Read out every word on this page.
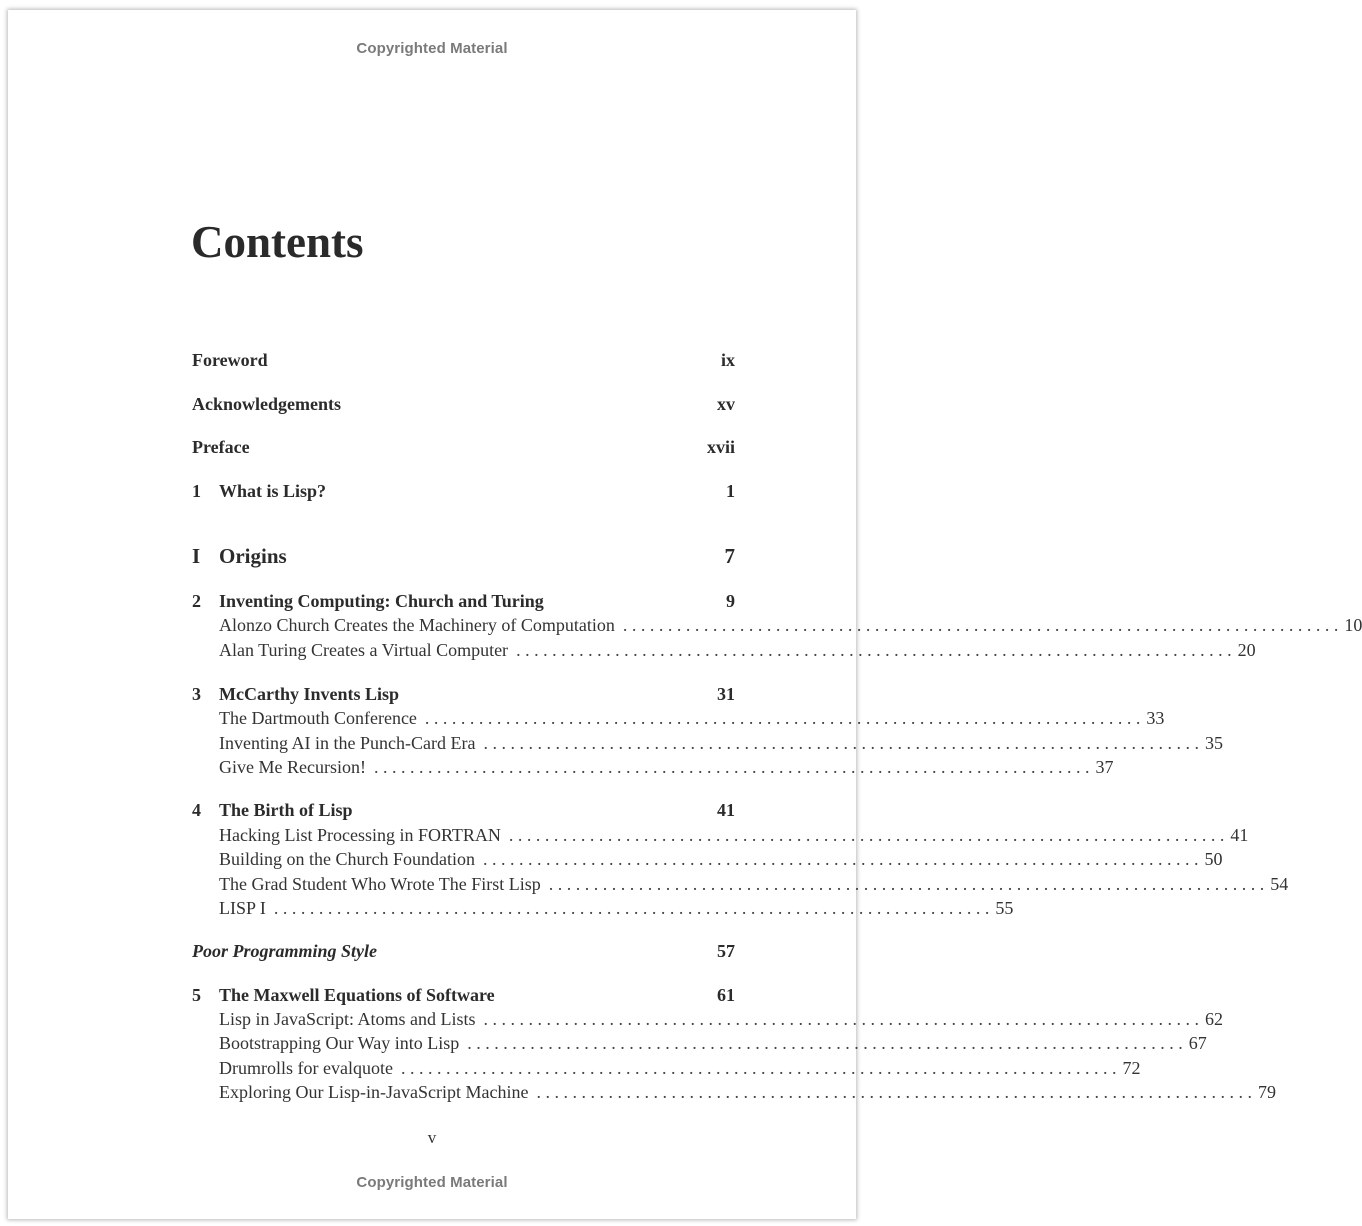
Copyrighted Material
Contents
Foreword	ix
Acknowledgements	xv
Preface	xvii
1	What is Lisp?	1
I Origins	7
2	Inventing Computing: Church and Turing	9
Alonzo Church Creates the Machinery of Computation . . . . . . . . . . . . . . . . . . . . . . . . . . . . . . . . . . . . . . . . . . . . . . . . . . . . . . . . . . . . . . . . . . . . . . . . . . . . . . . . 10
Alan Turing Creates a Virtual Computer . . . . . . . . . . . . . . . . . . . . . . . . . . . . . . . . . . . . . . . . . . . . . . . . . . . . . . . . . . . . . . . . . . . . . . . . . . . . . . . . 20
3	McCarthy Invents Lisp	31
The Dartmouth Conference . . . . . . . . . . . . . . . . . . . . . . . . . . . . . . . . . . . . . . . . . . . . . . . . . . . . . . . . . . . . . . . . . . . . . . . . . . . . . . . . 33
Inventing AI in the Punch-Card Era . . . . . . . . . . . . . . . . . . . . . . . . . . . . . . . . . . . . . . . . . . . . . . . . . . . . . . . . . . . . . . . . . . . . . . . . . . . . . . . . 35
Give Me Recursion! . . . . . . . . . . . . . . . . . . . . . . . . . . . . . . . . . . . . . . . . . . . . . . . . . . . . . . . . . . . . . . . . . . . . . . . . . . . . . . . . 37
4	The Birth of Lisp	41
Hacking List Processing in FORTRAN . . . . . . . . . . . . . . . . . . . . . . . . . . . . . . . . . . . . . . . . . . . . . . . . . . . . . . . . . . . . . . . . . . . . . . . . . . . . . . . . 41
Building on the Church Foundation . . . . . . . . . . . . . . . . . . . . . . . . . . . . . . . . . . . . . . . . . . . . . . . . . . . . . . . . . . . . . . . . . . . . . . . . . . . . . . . . 50
The Grad Student Who Wrote The First Lisp . . . . . . . . . . . . . . . . . . . . . . . . . . . . . . . . . . . . . . . . . . . . . . . . . . . . . . . . . . . . . . . . . . . . . . . . . . . . . . . . 54
LISP I . . . . . . . . . . . . . . . . . . . . . . . . . . . . . . . . . . . . . . . . . . . . . . . . . . . . . . . . . . . . . . . . . . . . . . . . . . . . . . . . 55
Poor Programming Style	57
5	The Maxwell Equations of Software	61
Lisp in JavaScript: Atoms and Lists . . . . . . . . . . . . . . . . . . . . . . . . . . . . . . . . . . . . . . . . . . . . . . . . . . . . . . . . . . . . . . . . . . . . . . . . . . . . . . . . 62
Bootstrapping Our Way into Lisp . . . . . . . . . . . . . . . . . . . . . . . . . . . . . . . . . . . . . . . . . . . . . . . . . . . . . . . . . . . . . . . . . . . . . . . . . . . . . . . . 67
Drumrolls for evalquote . . . . . . . . . . . . . . . . . . . . . . . . . . . . . . . . . . . . . . . . . . . . . . . . . . . . . . . . . . . . . . . . . . . . . . . . . . . . . . . . 72
Exploring Our Lisp-in-JavaScript Machine . . . . . . . . . . . . . . . . . . . . . . . . . . . . . . . . . . . . . . . . . . . . . . . . . . . . . . . . . . . . . . . . . . . . . . . . . . . . . . . . 79
v
Copyrighted Material
